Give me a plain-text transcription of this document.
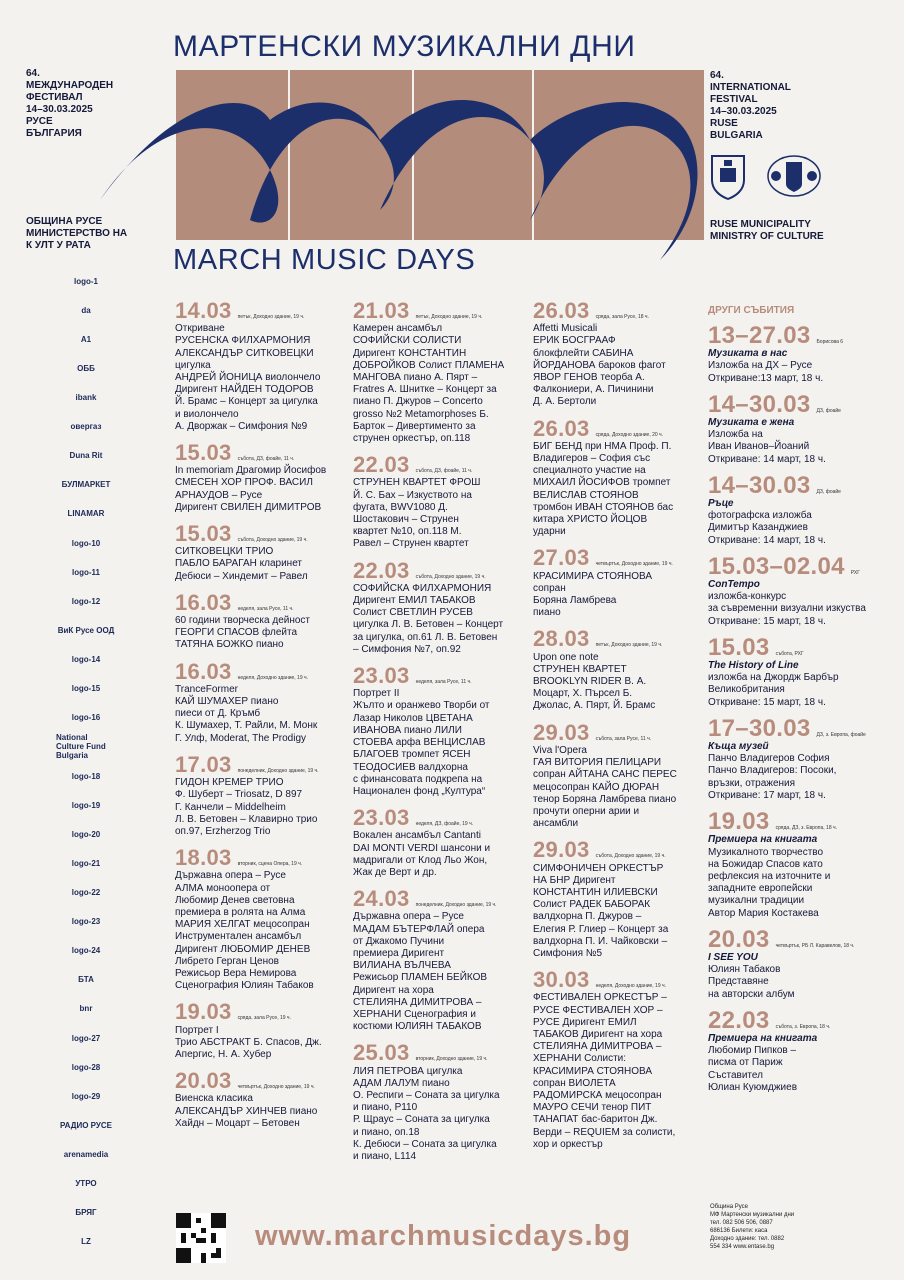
МАРТЕНСКИ МУЗИКАЛНИ ДНИ
MARCH MUSIC DAYS
64.
МЕЖДУНАРОДЕН
ФЕСТИВАЛ
14–30.03.2025
РУСЕ
БЪЛГАРИЯ
64.
INTERNATIONAL
FESTIVAL
14–30.03.2025
RUSE
BULGARIA
ОБЩИНА РУСЕ
МИНИСТЕРСТВО НА
К УЛТ У РАТА
RUSE MUNICIPALITY
MINISTRY OF CULTURE
logo-1
da
A1
ОББ
ibank
овергаз
Duna Rit
БУЛМАРКЕТ
LINAMAR
logo-10
logo-11
logo-12
ВиК Русе ООД
logo-14
logo-15
logo-16
National Culture Fund Bulgaria
logo-18
logo-19
logo-20
logo-21
logo-22
logo-23
logo-24
БТА
bnr
logo-27
logo-28
logo-29
РАДИО РУСЕ
arenamedia
УТРО
БРЯГ
LZ
14.03 петък, Доходно здание, 19 ч.

Откриване

РУСЕНСКА ФИЛХАРМОНИЯ

АЛЕКСАНДЪР СИТКОВЕЦКИ

цигулка

АНДРЕЙ ЙОНИЦА виолончело

Диригент НАЙДЕН ТОДОРОВ

Й. Брамс – Концерт за цигулка

и виолончело

А. Дворжак – Симфония №9

15.03 събота, ДЗ, фоайе, 11 ч.

In memoriam Драгомир Йосифов

СМЕСЕН ХОР ПРОФ. ВАСИЛ

АРНАУДОВ – Русе

Диригент СВИЛЕН ДИМИТРОВ

15.03 събота, Доходно здание, 19 ч.

СИТКОВЕЦКИ ТРИО

ПАБЛО БАРАГАН кларинет

Дебюси – Хиндемит – Равел

16.03 неделя, зала Русе, 11 ч.

60 години творческа дейност

ГЕОРГИ СПАСОВ флейта

ТАТЯНА БОЖКО пиано

16.03 неделя, Доходно здание, 19 ч.

TranceFormer

КАЙ ШУМАХЕР пиано

пиеси от Д. Кръмб

К. Шумахер, Т. Райли, М. Монк

Г. Улф, Moderat, The Prodigy

17.03 понеделник, Доходно здание, 19 ч.

ГИДОН КРЕМЕР ТРИО

Ф. Шуберт – Triosatz, D 897

Г. Канчели – Middelheim

Л. В. Бетовен – Клавирно трио

оп.97, Erzherzog Trio

18.03 вторник, сцена Опера, 19 ч.

Държавна опера – Русе

АЛМА моноопера от

Любомир Денев световна

премиера в ролята на Алма

МАРИЯ ХЕЛГАТ мецосопран

Инструментален ансамбъл

Диригент ЛЮБОМИР ДЕНЕВ

Либрето Герган Ценов

Режисьор Вера Немирова

Сценография Юлиян Табаков

19.03 сряда, зала Русе, 19 ч.

Портрет I

Трио АБСТРАКТ Б. Спасов, Дж.

Апергис, Н. А. Хубер

20.03 четвъртък, Доходно здание, 19 ч.

Виенска класика

АЛЕКСАНДЪР ХИНЧЕВ пиано

Хайдн – Моцарт – Бетовен

21.03 петък, Доходно здание, 19 ч.

Камерен ансамбъл

СОФИЙСКИ СОЛИСТИ

Диригент КОНСТАНТИН

ДОБРОЙКОВ Солист ПЛАМЕНА

МАНГОВА пиано А. Пярт –

Fratres А. Шнитке – Концерт за

пиано П. Джуров – Concerto

grosso №2 Metamorphoses Б.

Барток – Дивертименто за

струнен оркестър, оп.118

22.03 събота, ДЗ, фоайе, 11 ч.

СТРУНЕН КВАРТЕТ ФРОШ

Й. С. Бах – Изкуството на

фугата, BWV1080 Д.

Шостакович – Струнен

квартет №10, оп.118 М.

Равел – Струнен квартет

22.03 събота, Доходно здание, 19 ч.

СОФИЙСКА ФИЛХАРМОНИЯ

Диригент ЕМИЛ ТАБАКОВ

Солист СВЕТЛИН РУСЕВ

цигулка Л. В. Бетовен – Концерт

за цигулка, оп.61 Л. В. Бетовен

– Симфония №7, оп.92

23.03 неделя, зала Русе, 11 ч.

Портрет II

Жълто и оранжево Творби от

Лазар Николов ЦВЕТАНА

ИВАНОВА пиано ЛИЛИ

СТОЕВА арфа ВЕНЦИСЛАВ

БЛАГОЕВ тромпет ЯСЕН

ТЕОДОСИЕВ валдхорна

с финансовата подкрепа на

Национален фонд „Култура“

23.03 неделя, ДЗ, фоайе, 19 ч.

Вокален ансамбъл Cantanti

DAI MONTI VERDI шансони и

мадригали от Клод Льо Жон,

Жак де Верт и др.

24.03 понеделник, Доходно здание, 19 ч.

Държавна опера – Русе

МАДАМ БЪТЕРФЛАЙ опера

от Джакомо Пучини

премиера Диригент

ВИЛИАНА ВЪЛЧЕВА

Режисьор ПЛАМЕН БЕЙКОВ

Диригент на хора

СТЕЛИЯНА ДИМИТРОВА –

ХЕРНАНИ Сценография и

костюми ЮЛИЯН ТАБАКОВ

25.03 вторник, Доходно здание, 19 ч.

ЛИЯ ПЕТРОВА цигулка

АДАМ ЛАЛУМ пиано

О. Респиги – Соната за цигулка

и пиано, P110

Р. Щраус – Соната за цигулка

и пиано, оп.18

К. Дебюси – Соната за цигулка

и пиано, L114

26.03 сряда, зала Русе, 18 ч.

Affetti Musicali

ЕРИК БОСГРААФ

блокфлейти САБИНА

ЙОРДАНОВА бароков фагот

ЯВОР ГЕНОВ теорба А.

Фалкониери, А. Пичинини

Д. А. Бертоли

26.03 сряда, Доходно здание, 20 ч.

БИГ БЕНД при НМА Проф. П.

Владигеров – София със

специалното участие на

МИХАИЛ ЙОСИФОВ тромпет

ВЕЛИСЛАВ СТОЯНОВ

тромбон ИВАН СТОЯНОВ бас

китара ХРИСТО ЙОЦОВ

ударни

27.03 четвъртък, Доходно здание, 19 ч.

КРАСИМИРА СТОЯНОВА

сопран

Боряна Ламбрева

пиано

28.03 петък, Доходно здание, 19 ч.

Upon one note

СТРУНЕН КВАРТЕТ

BROOKLYN RIDER В. А.

Моцарт, Х. Пърсел Б.

Джолас, А. Пярт, Й. Брамс

29.03 събота, зала Русе, 11 ч.

Viva l'Opera

ГАЯ ВИТОРИЯ ПЕЛИЦАРИ

сопран АЙТАНА САНС ПЕРЕС

мецосопран КАЙО ДЮРАН

тенор Боряна Ламбрева пиано

прочути оперни арии и

ансамбли

29.03 събота, Доходно здание, 19 ч.

СИМФОНИЧЕН ОРКЕСТЪР

НА БНР Диригент

КОНСТАНТИН ИЛИЕВСКИ

Солист РАДЕК БАБОРАК

валдхорна П. Джуров –

Елегия Р. Глиер – Концерт за

валдхорна П. И. Чайковски –

Симфония №5

30.03 неделя, Доходно здание, 19 ч.

ФЕСТИВАЛЕН ОРКЕСТЪР –

РУСЕ ФЕСТИВАЛЕН ХОР –

РУСЕ Диригент ЕМИЛ

ТАБАКОВ Диригент на хора

СТЕЛИЯНА ДИМИТРОВА –

ХЕРНАНИ Солисти:

КРАСИМИРА СТОЯНОВА

сопран ВИОЛЕТА

РАДОМИРСКА мецосопран

МАУРО СЕЧИ тенор ПИТ

ТАНАПАТ бас-баритон Дж.

Верди – REQUIEM за солисти,

хор и оркестър

ДРУГИ СЪБИТИЯ
13–27.03 Борисова 6

Музиката в нас

Изложба на ДХ – Русе

Откриване:13 март, 18 ч.

14–30.03 ДЗ, фоайе

Музиката е жена

Изложба на

Иван Иванов–Йоаний

Откриване: 14 март, 18 ч.

14–30.03 ДЗ, фоайе

Ръце

фотографска изложба

Димитър Казанджиев

Откриване: 14 март, 18 ч.

15.03–02.04 РХГ

ConTempo

изложба-конкурс

за съвременни визуални изкуства

Откриване: 15 март, 18 ч.

15.03 събота, РХГ

The History of Line

изложба на Джордж Барбър

Великобритания

Откриване: 15 март, 18 ч.

17–30.03 ДЗ, з. Европа, фоайе

Къща музей

Панчо Владигеров София

Панчо Владигеров: Посоки,

връзки, отражения

Откриване: 17 март, 18 ч.

19.03 сряда, ДЗ, з. Европа, 18 ч.

Премиера на книгата

Музикалното творчество

на Божидар Спасов като

рефлексия на източните и

западните европейски

музикални традиции

Автор Мария Костакева

20.03 четвъртък, РБ Л. Каравелов, 18 ч.

I SEE YOU

Юлиян Табаков

Представяне

на авторски албум

22.03 събота, з. Европа, 18 ч.

Премиера на книгата

Любомир Пипков –

писма от Париж

Съставител

Юлиан Куюмджиев

www.marchmusicdays.bg
Община Русе
МФ Мартенски музикални дни
тел. 082 506 506, 0887
686136 Билети: каса
Доходно здание: тел. 0882
554 334 www.entase.bg
